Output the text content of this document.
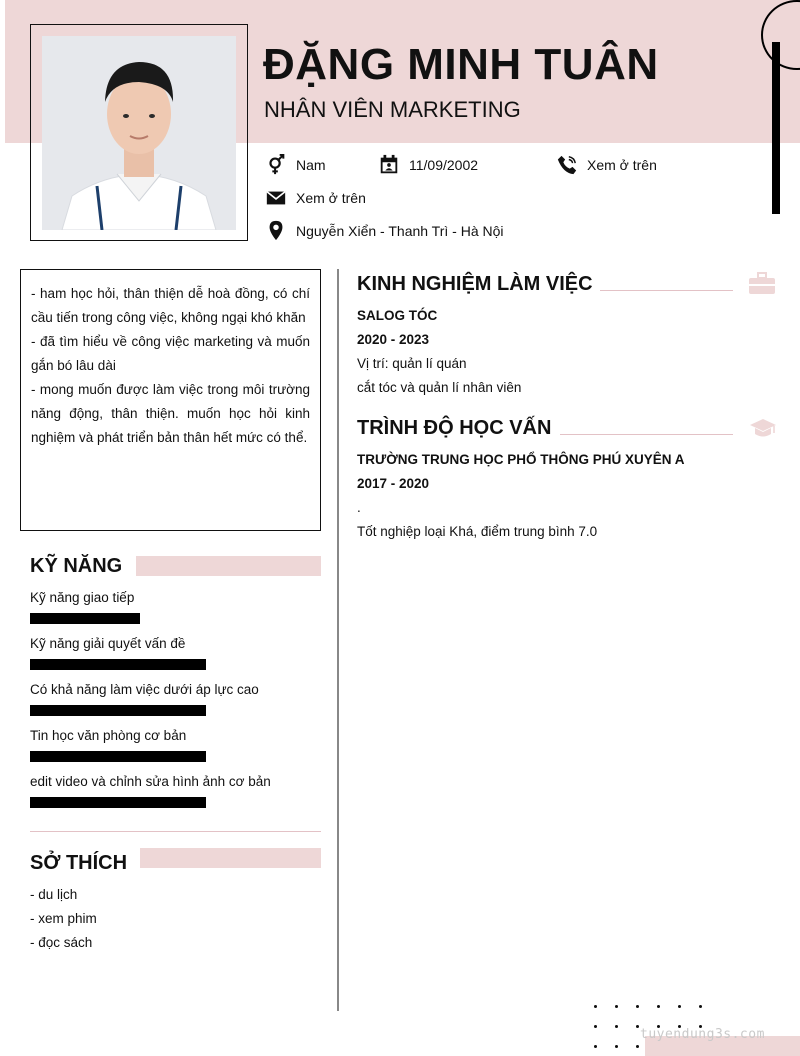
ĐẶNG MINH TUÂN
NHÂN VIÊN MARKETING
Nam	11/09/2002	Xem ở trên
Xem ở trên
Nguyễn Xiển - Thanh Trì - Hà Nội
- ham học hỏi, thân thiện dễ hoà đồng, có chí cầu tiến trong công việc, không ngại khó khăn
- đã tìm hiểu về công việc marketing và muốn gắn bó lâu dài
- mong muốn được làm việc trong môi trường năng động, thân thiện. muốn học hỏi kinh nghiệm và phát triển bản thân hết mức có thể.
KỸ NĂNG
Kỹ năng giao tiếp
Kỹ năng giải quyết vấn đề
Có khả năng làm việc dưới áp lực cao
Tin học văn phòng cơ bản
edit video và chỉnh sửa hình ảnh cơ bản
SỞ THÍCH
- du lịch
- xem phim
- đọc sách
KINH NGHIỆM LÀM VIỆC
SALOG TÓC
2020 - 2023
Vị trí: quản lí quán
cắt tóc và quản lí nhân viên
TRÌNH ĐỘ HỌC VẤN
TRƯỜNG TRUNG HỌC PHỔ THÔNG PHÚ XUYÊN A
2017 - 2020
.
Tốt nghiệp loại Khá, điểm trung bình 7.0
tuyendung3s.com
